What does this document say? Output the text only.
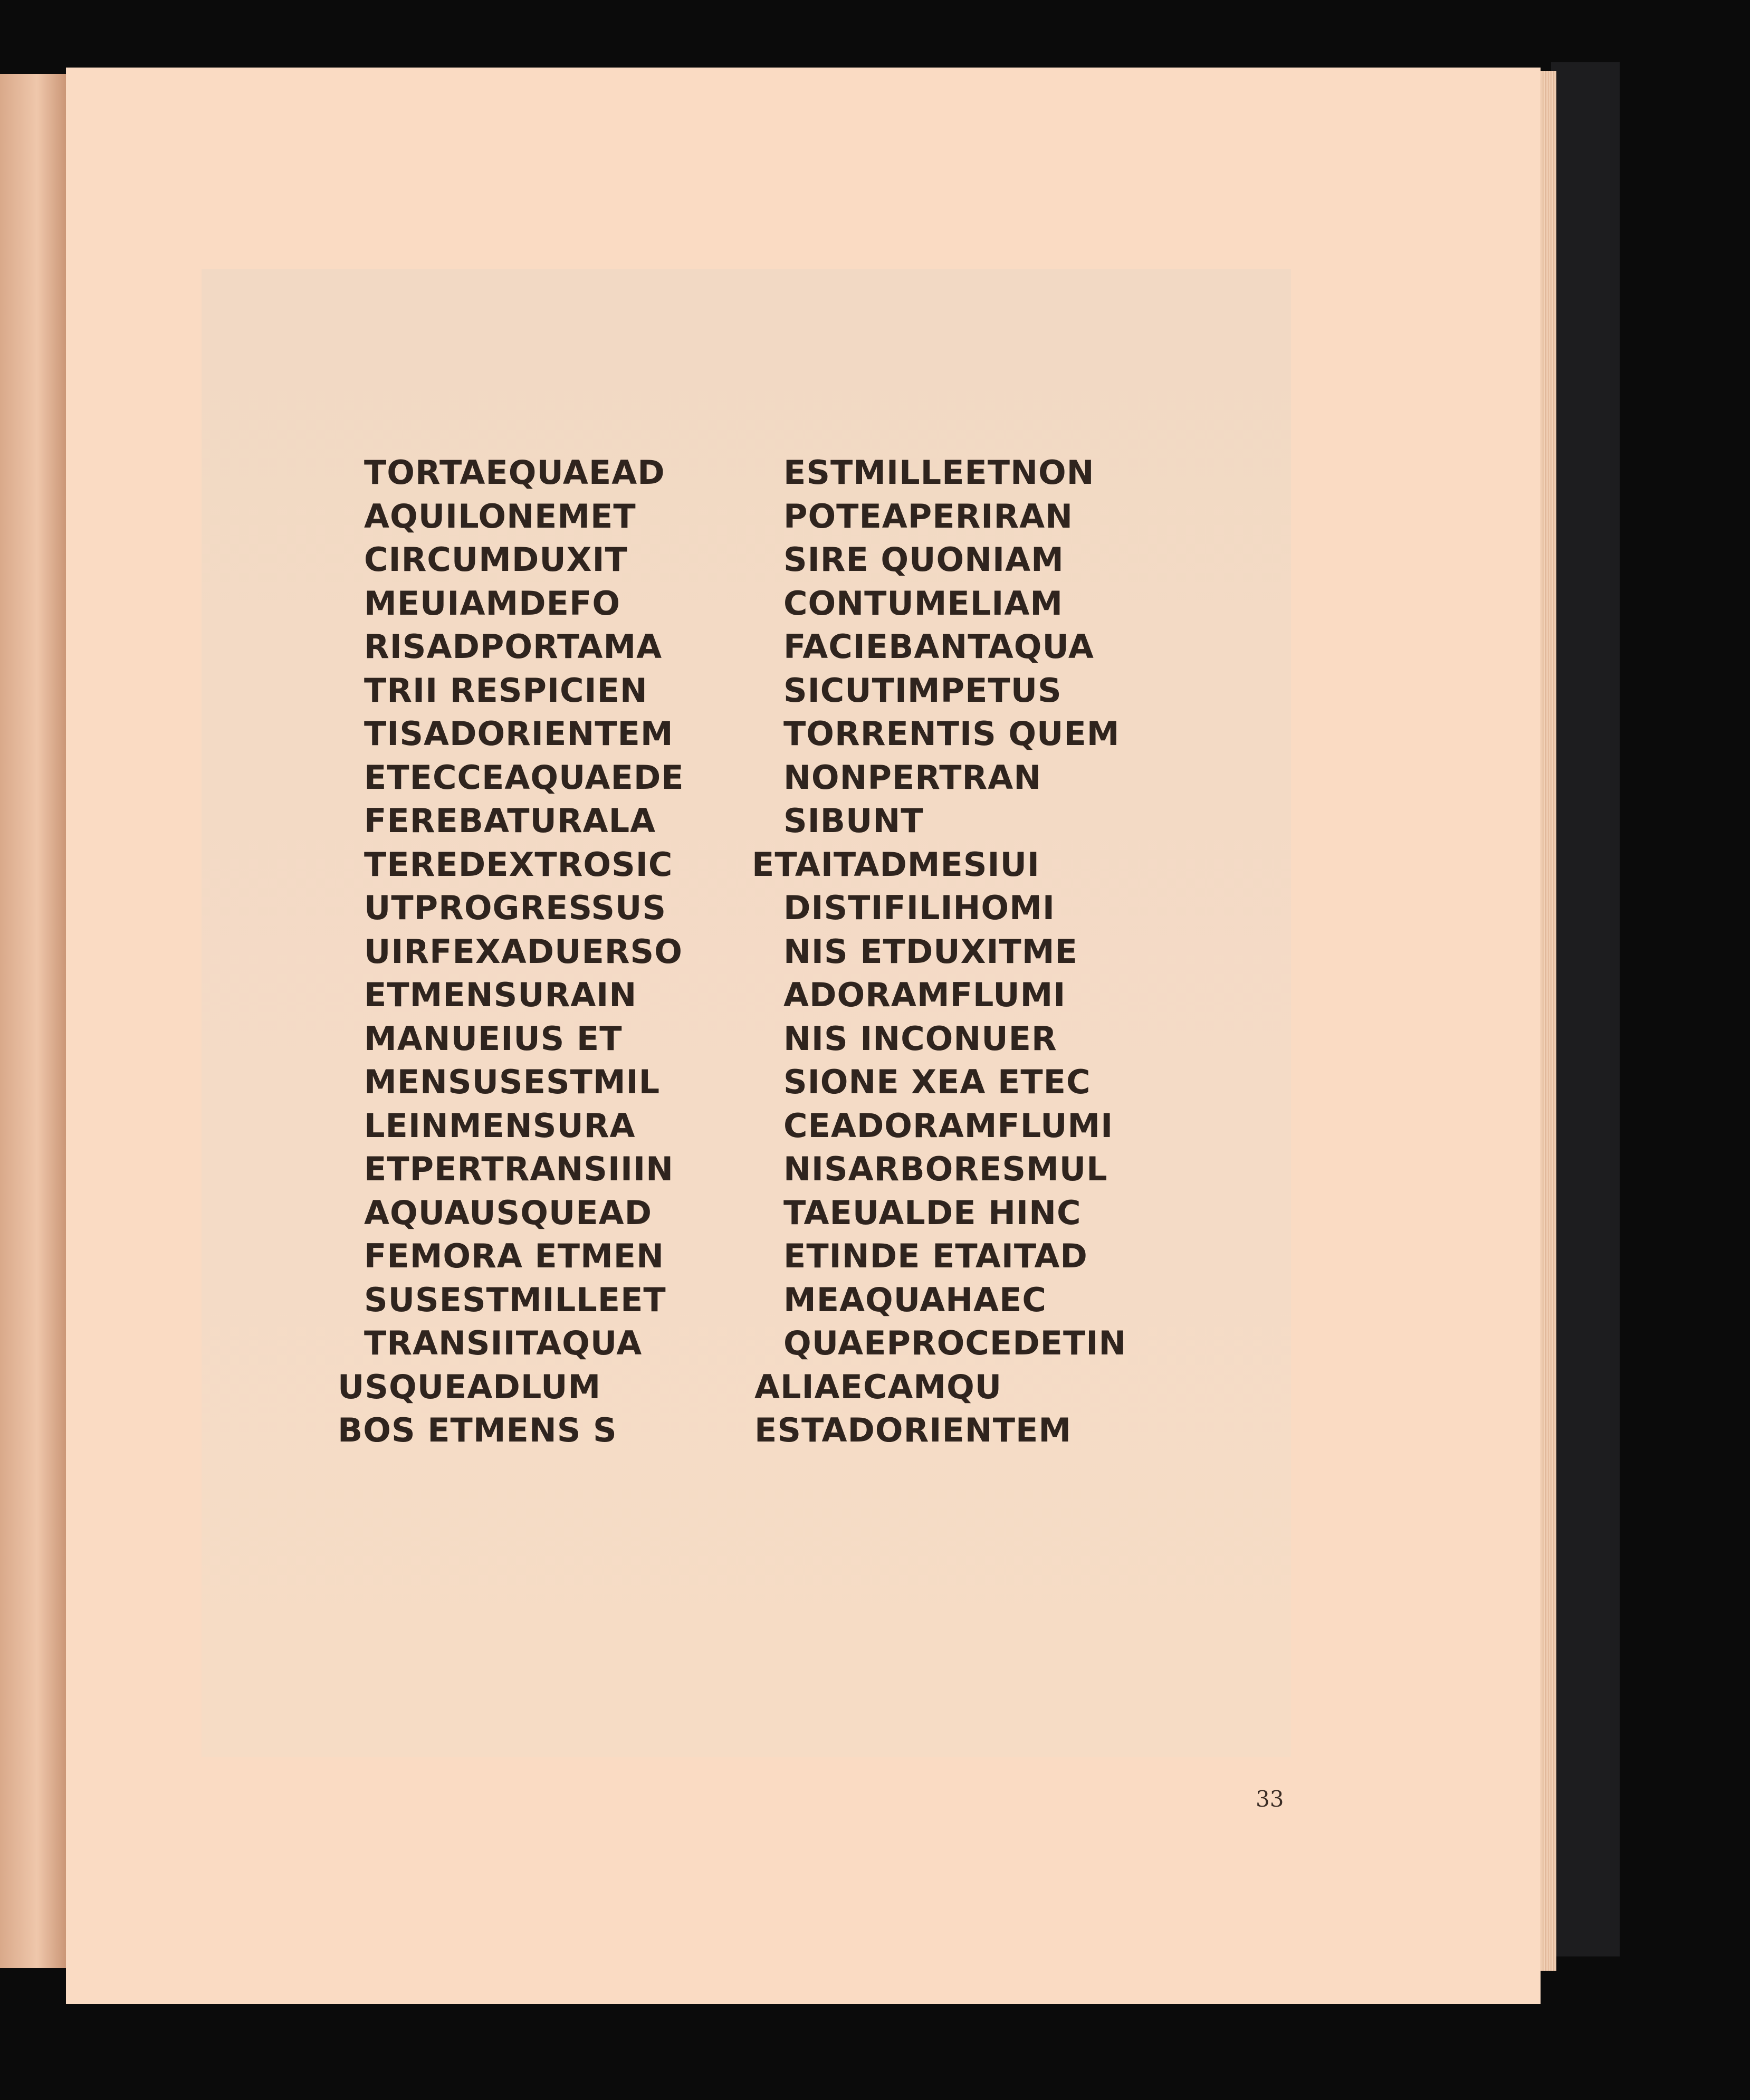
TORTAEQUAEAD
AQUILONEMET
CIRCUMDUXIT
MEUIAMDEFO
RISADPORTAMA
TRII RESPICIEN
TISADORIENTEM
ETECCEAQUAEDE
FEREBATURALA
TEREDEXTROSIC
UTPROGRESSUS
UIRFEXADUERSO
ETMENSURAIN
MANUEIUS ET
MENSUSESTMIL
LEINMENSURA
ETPERTRANSIIIN
AQUAUSQUEAD
FEMORA ETMEN
SUSESTMILLEET
TRANSIITAQUA
USQUEADLUM
BOS ETMENS S
ESTMILLEETNON
POTEAPERIRAN
SIRE QUONIAM
CONTUMELIAM
FACIEBANTAQUA
SICUTIMPETUS
TORRENTIS QUEM
NONPERTRAN
SIBUNT
ETAITADMESIUI
DISTIFILIHOMI
NIS ETDUXITME
ADORAMFLUMI
NIS INCONUER
SIONE XEA ETEC
CEADORAMFLUMI
NISARBORESMUL
TAEUALDE HINC
ETINDE ETAITAD
MEAQUAHAEC
QUAEPROCEDETIN
ALIAECAMQU
ESTADORIENTEM
33
